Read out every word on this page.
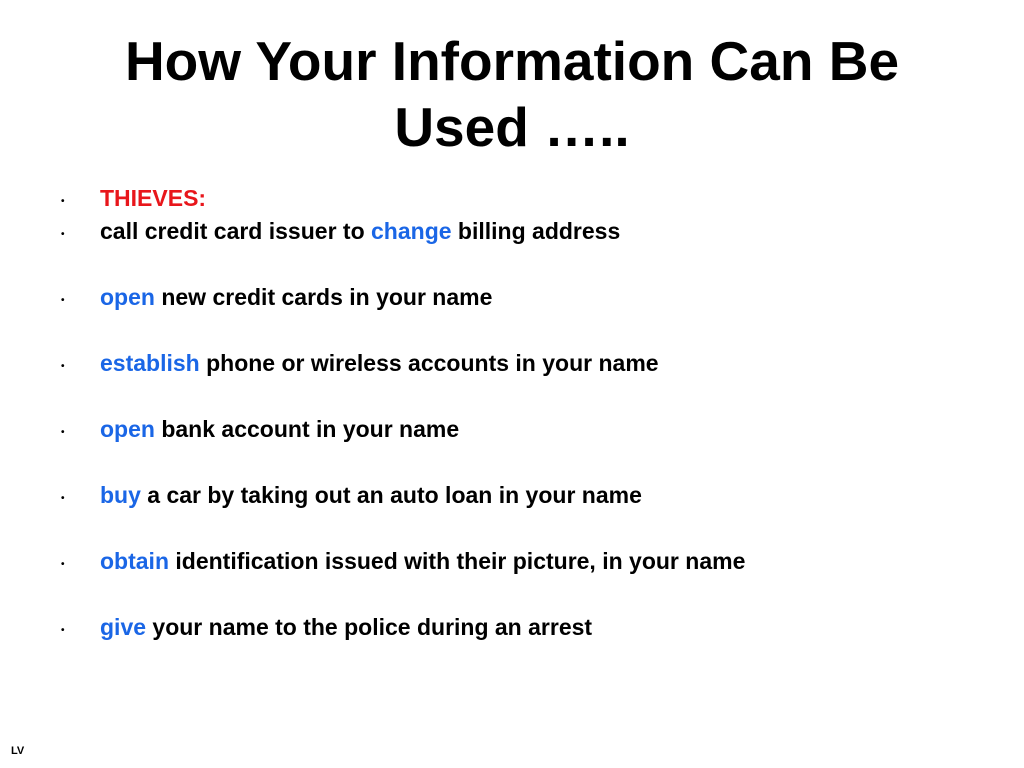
How Your Information Can Be
Used …..
•	THIEVES:
•	call credit card issuer to change billing address
•	open new credit cards in your name
•	establish phone or wireless accounts in your name
•	open bank account in your name
•	buy a car by taking out an auto loan in your name
•	obtain identification issued with their picture, in your name
•	give your name to the police during an arrest
LV
